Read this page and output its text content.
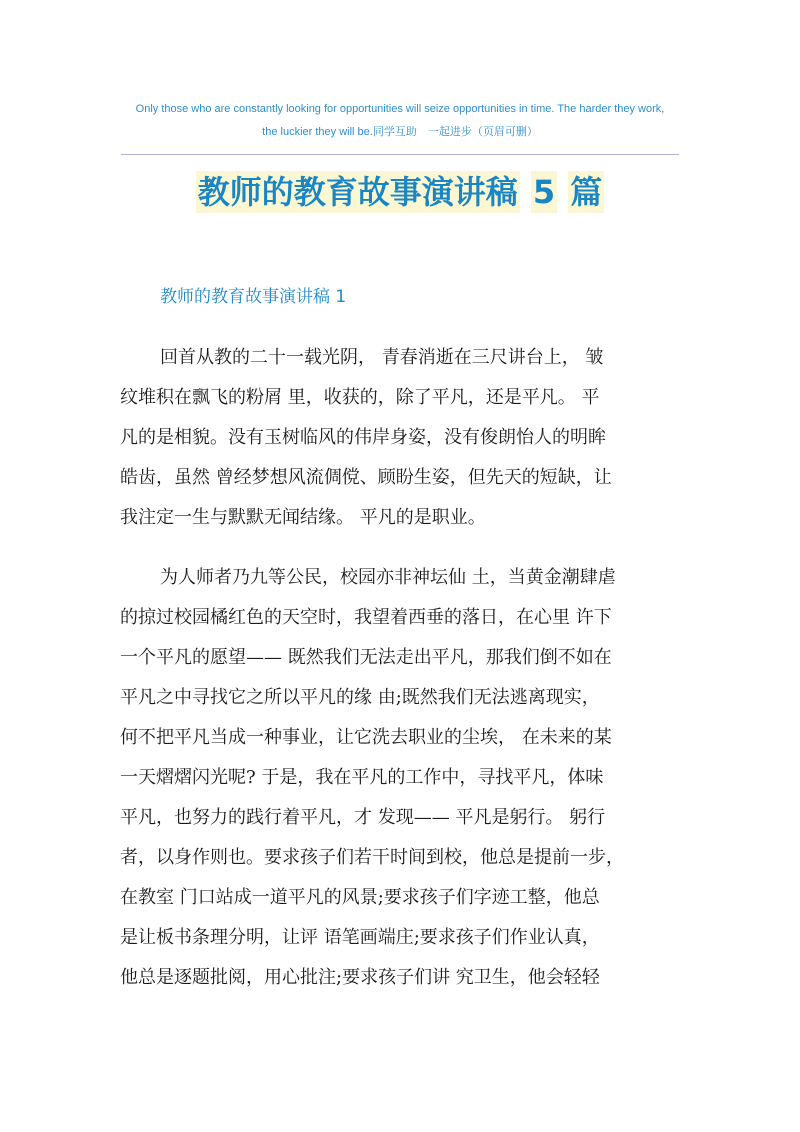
Only those who are constantly looking for opportunities will seize opportunities in time. The harder they work,
the luckier they will be.同学互助　一起进步（页眉可删）
教师的教育故事演讲稿 5 篇
教师的教育故事演讲稿 1
回首从教的二十一载光阴， 青春消逝在三尺讲台上， 皱
纹堆积在飘飞的粉屑 里，收获的，除了平凡，还是平凡。 平
凡的是相貌。没有玉树临风的伟岸身姿，没有俊朗怡人的明眸
皓齿，虽然 曾经梦想风流倜傥、顾盼生姿，但先天的短缺，让
我注定一生与默默无闻结缘。 平凡的是职业。
为人师者乃九等公民，校园亦非神坛仙 土，当黄金潮肆虐
的掠过校园橘红色的天空时，我望着西垂的落日，在心里 许下
一个平凡的愿望—— 既然我们无法走出平凡，那我们倒不如在
平凡之中寻找它之所以平凡的缘 由;既然我们无法逃离现实，
何不把平凡当成一种事业，让它洗去职业的尘埃， 在未来的某
一天熠熠闪光呢? 于是，我在平凡的工作中，寻找平凡，体味
平凡，也努力的践行着平凡，才 发现—— 平凡是躬行。 躬行
者，以身作则也。要求孩子们若干时间到校，他总是提前一步，
在教室 门口站成一道平凡的风景;要求孩子们字迹工整，他总
是让板书条理分明，让评 语笔画端庄;要求孩子们作业认真，
他总是逐题批阅，用心批注;要求孩子们讲 究卫生，他会轻轻
